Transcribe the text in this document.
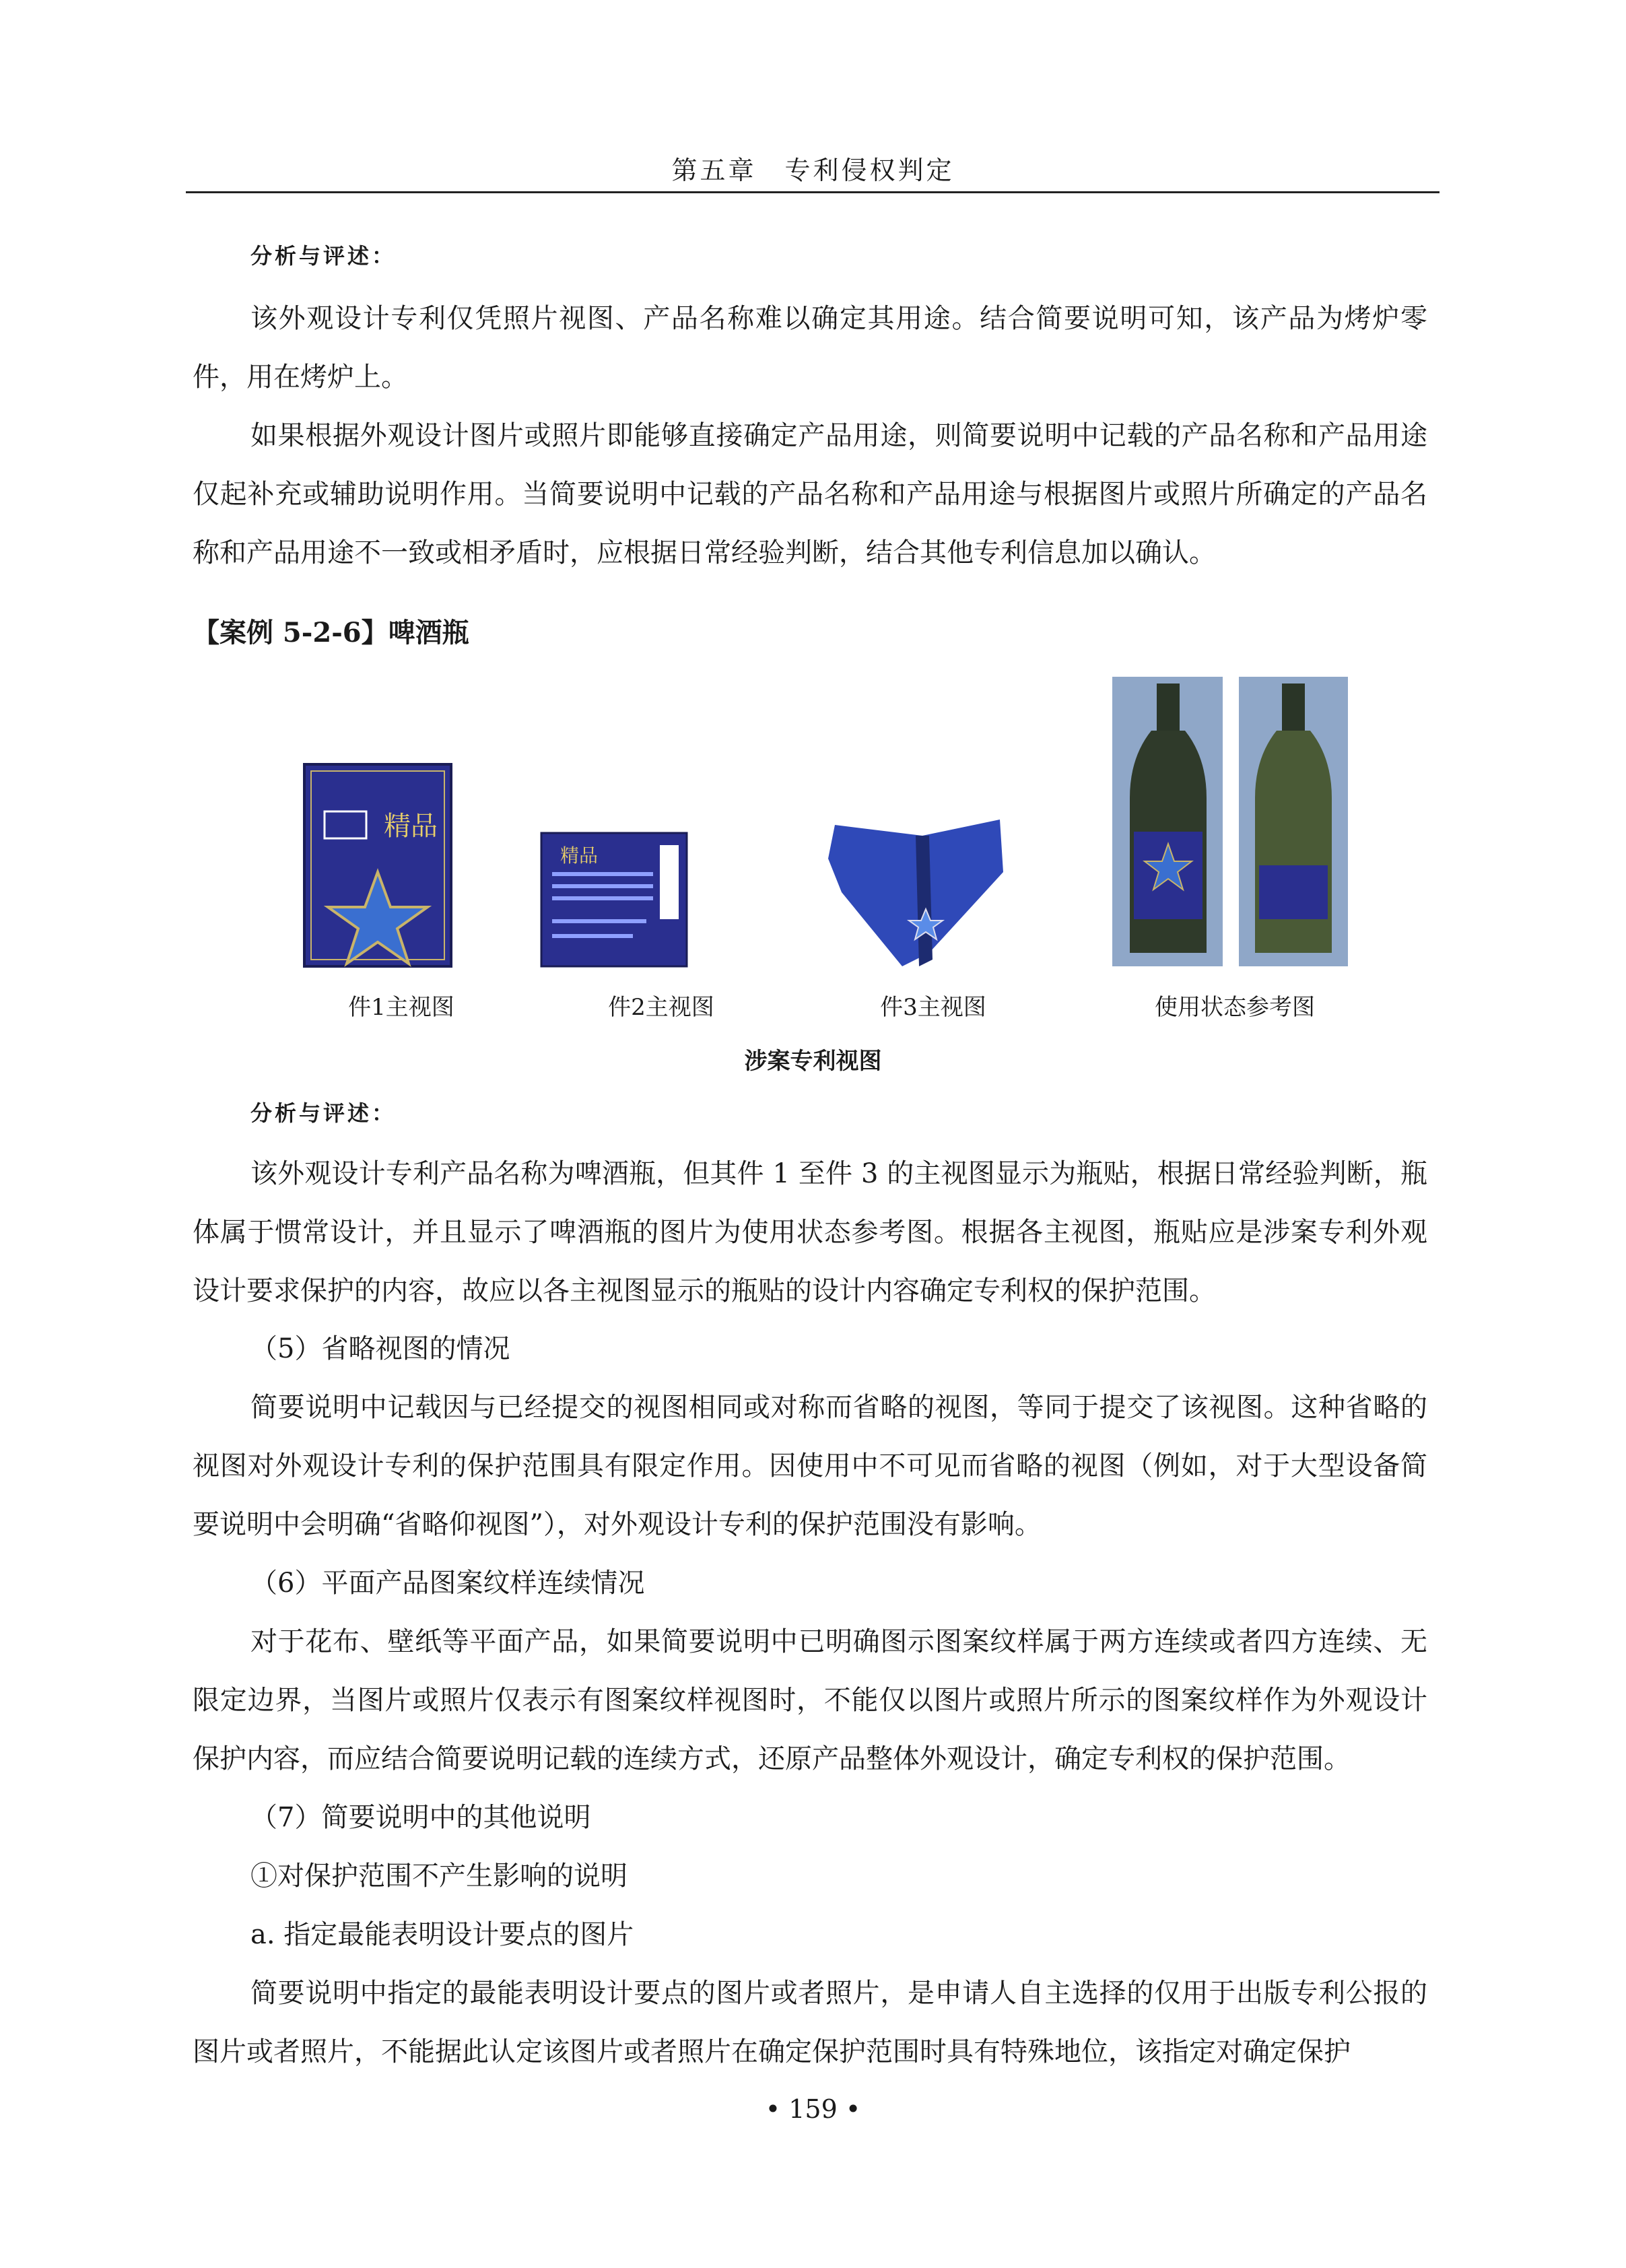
第五章　专利侵权判定
分析与评述：

该外观设计专利仅凭照片视图、产品名称难以确定其用途。结合简要说明可知，该产品为烤炉零件，用在烤炉上。

如果根据外观设计图片或照片即能够直接确定产品用途，则简要说明中记载的产品名称和产品用途仅起补充或辅助说明作用。当简要说明中记载的产品名称和产品用途与根据图片或照片所确定的产品名称和产品用途不一致或相矛盾时，应根据日常经验判断，结合其他专利信息加以确认。

【案例 5-2-6】啤酒瓶
精品
精品
件1主视图	件2主视图	件3主视图	使用状态参考图
涉案专利视图
分析与评述：

该外观设计专利产品名称为啤酒瓶，但其件 1 至件 3 的主视图显示为瓶贴，根据日常经验判断，瓶体属于惯常设计，并且显示了啤酒瓶的图片为使用状态参考图。根据各主视图，瓶贴应是涉案专利外观设计要求保护的内容，故应以各主视图显示的瓶贴的设计内容确定专利权的保护范围。

（5）省略视图的情况

简要说明中记载因与已经提交的视图相同或对称而省略的视图，等同于提交了该视图。这种省略的视图对外观设计专利的保护范围具有限定作用。因使用中不可见而省略的视图（例如，对于大型设备简要说明中会明确“省略仰视图”），对外观设计专利的保护范围没有影响。

（6）平面产品图案纹样连续情况

对于花布、壁纸等平面产品，如果简要说明中已明确图示图案纹样属于两方连续或者四方连续、无限定边界，当图片或照片仅表示有图案纹样视图时，不能仅以图片或照片所示的图案纹样作为外观设计保护内容，而应结合简要说明记载的连续方式，还原产品整体外观设计，确定专利权的保护范围。

（7）简要说明中的其他说明
①对保护范围不产生影响的说明
a. 指定最能表明设计要点的图片

简要说明中指定的最能表明设计要点的图片或者照片，是申请人自主选择的仅用于出版专利公报的图片或者照片，不能据此认定该图片或者照片在确定保护范围时具有特殊地位，该指定对确定保护

• 159 •
